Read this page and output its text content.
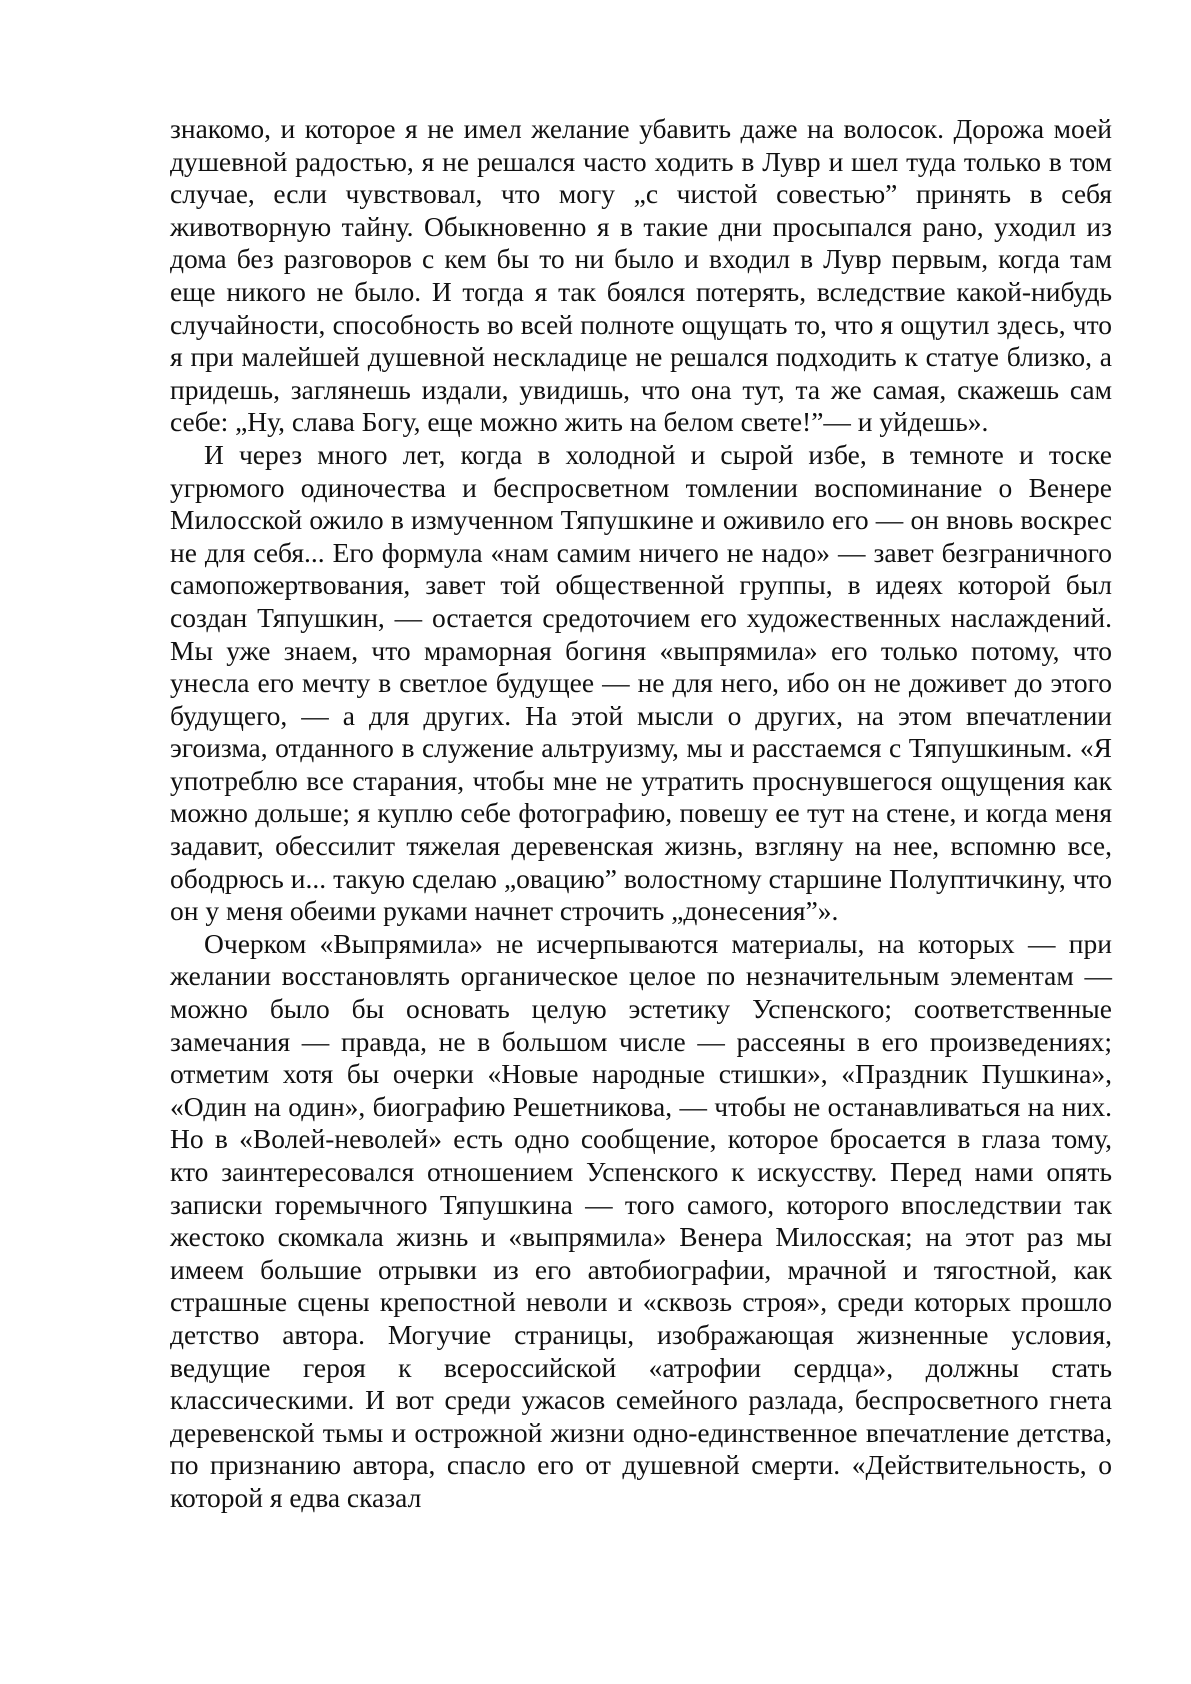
знакомо, и которое я не имел желание убавить даже на волосок. Дорожа моей душевной радостью, я не решался часто ходить в Лувр и шел туда только в том случае, если чувствовал, что могу „с чистой совестью” принять в себя животворную тайну. Обыкновенно я в такие дни просыпался рано, уходил из дома без разговоров с кем бы то ни было и входил в Лувр первым, когда там еще никого не было. И тогда я так боялся потерять, вследствие какой-нибудь случайности, способность во всей полноте ощущать то, что я ощутил здесь, что я при малейшей душевной нескладице не решался подходить к статуе близко, а придешь, заглянешь издали, увидишь, что она тут, та же самая, скажешь сам себе: „Ну, слава Богу, еще можно жить на белом свете!”— и уйдешь».

И через много лет, когда в холодной и сырой избе, в темноте и тоске угрюмого одиночества и беспросветном томлении воспоминание о Венере Милосской ожило в измученном Тяпушкине и оживило его — он вновь воскрес не для себя... Его формула «нам самим ничего не надо» — завет безграничного самопожертвования, завет той общественной группы, в идеях которой был создан Тяпушкин, — остается средоточием его художественных наслаждений. Мы уже знаем, что мраморная богиня «выпрямила» его только потому, что унесла его мечту в светлое будущее — не для него, ибо он не доживет до этого будущего, — а для других. На этой мысли о других, на этом впечатлении эгоизма, отданного в служение альтруизму, мы и расстаемся с Тяпушкиным. «Я употреблю все старания, чтобы мне не утратить проснувшегося ощущения как можно дольше; я куплю себе фотографию, повешу ее тут на стене, и когда меня задавит, обессилит тяжелая деревенская жизнь, взгляну на нее, вспомню все, ободрюсь и... такую сделаю „овацию” волостному старшине Полуптичкину, что он у меня обеими руками начнет строчить „донесения”».

Очерком «Выпрямила» не исчерпываются материалы, на которых — при желании восстановлять органическое целое по незначительным элементам — можно было бы основать целую эстетику Успенского; соответственные замечания — правда, не в большом числе — рассеяны в его произведениях; отметим хотя бы очерки «Новые народные стишки», «Праздник Пушкина», «Один на один», биографию Решетникова, — чтобы не останавливаться на них. Но в «Волей-неволей» есть одно сообщение, которое бросается в глаза тому, кто заинтересовался отношением Успенского к искусству. Перед нами опять записки горемычного Тяпушкина — того самого, которого впоследствии так жестоко скомкала жизнь и «выпрямила» Венера Милосская; на этот раз мы имеем большие отрывки из его автобиографии, мрачной и тягостной, как страшные сцены крепостной неволи и «сквозь строя», среди которых прошло детство автора. Могучие страницы, изображающая жизненные условия, ведущие героя к всероссийской «атрофии сердца», должны стать классическими. И вот среди ужасов семейного разлада, беспросветного гнета деревенской тьмы и острожной жизни одно-единственное впечатление детства, по признанию автора, спасло его от душевной смерти. «Действительность, о которой я едва сказал
